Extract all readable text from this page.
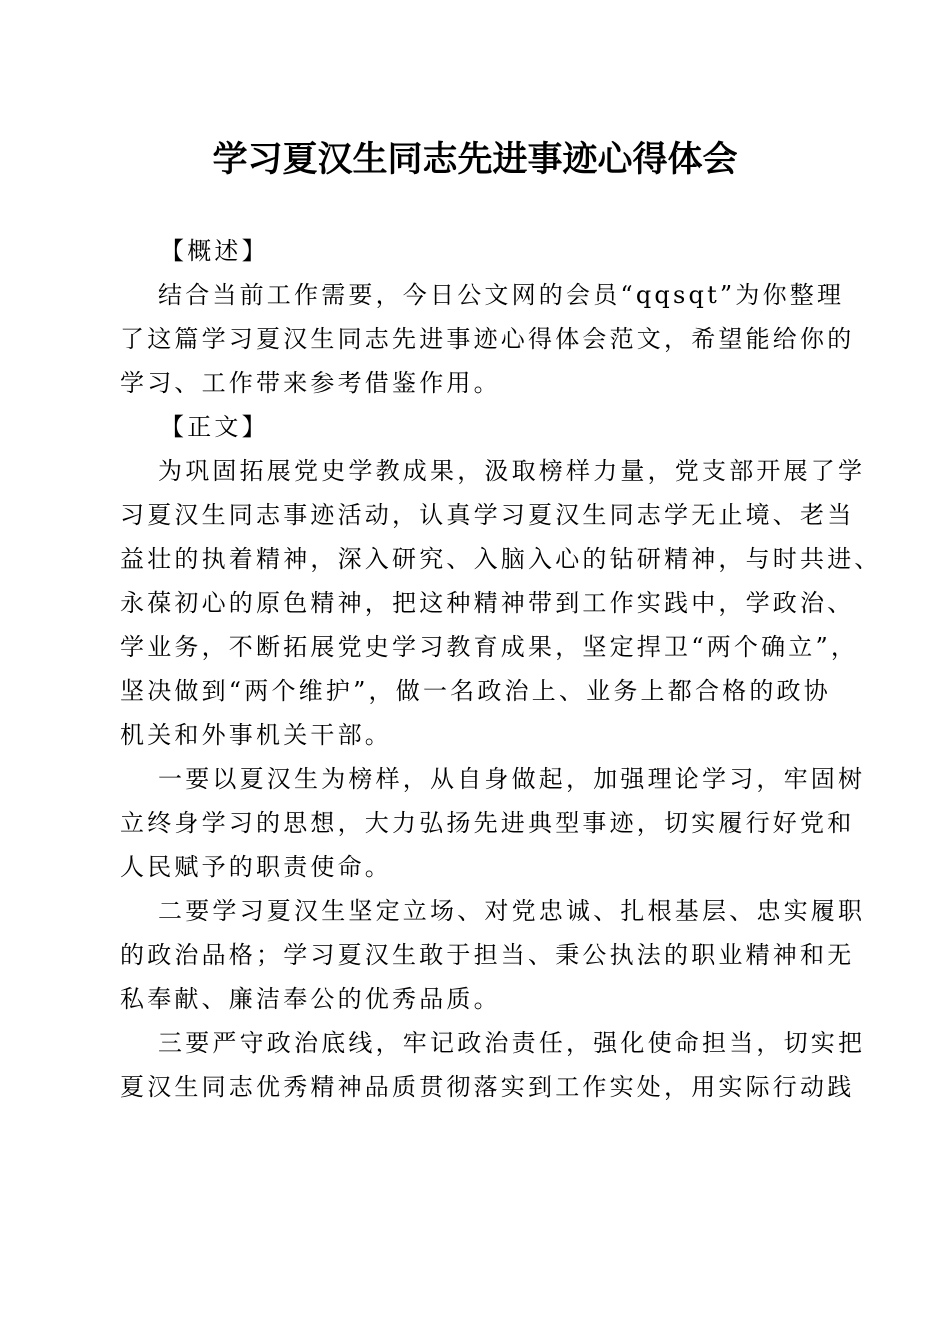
学习夏汉生同志先进事迹心得体会

【概述】

结合当前工作需要，今日公文网的会员“qqsqt”为你整理

了这篇学习夏汉生同志先进事迹心得体会范文，希望能给你的

学习、工作带来参考借鉴作用。

【正文】

为巩固拓展党史学教成果，汲取榜样力量，党支部开展了学

习夏汉生同志事迹活动，认真学习夏汉生同志学无止境、老当

益壮的执着精神，深入研究、入脑入心的钻研精神，与时共进、

永葆初心的原色精神，把这种精神带到工作实践中，学政治、

学业务，不断拓展党史学习教育成果，坚定捍卫“两个确立”，

坚决做到“两个维护”，做一名政治上、业务上都合格的政协

机关和外事机关干部。

一要以夏汉生为榜样，从自身做起，加强理论学习，牢固树

立终身学习的思想，大力弘扬先进典型事迹，切实履行好党和

人民赋予的职责使命。

二要学习夏汉生坚定立场、对党忠诚、扎根基层、忠实履职

的政治品格；学习夏汉生敢于担当、秉公执法的职业精神和无

私奉献、廉洁奉公的优秀品质。

三要严守政治底线，牢记政治责任，强化使命担当，切实把

夏汉生同志优秀精神品质贯彻落实到工作实处，用实际行动践
